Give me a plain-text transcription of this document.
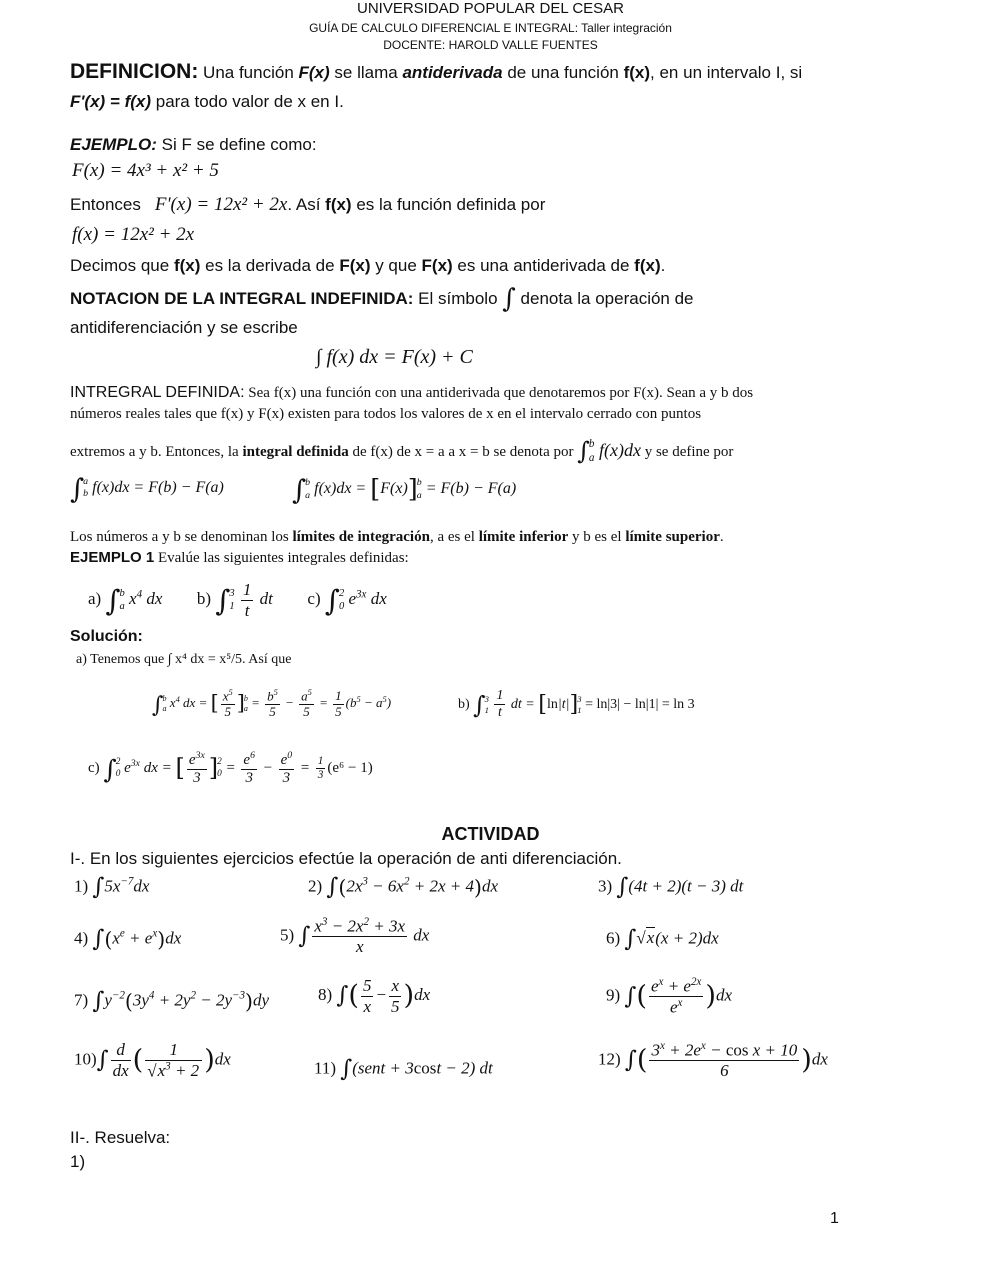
UNIVERSIDAD POPULAR DEL CESAR
GUÍA DE CALCULO DIFERENCIAL E INTEGRAL: Taller integración
DOCENTE: HAROLD VALLE FUENTES
DEFINICION: Una función F(x) se llama antiderivada de una función f(x), en un intervalo I, si
F'(x) = f(x) para todo valor de x en I.
EJEMPLO: Si F se define como:
F(x) = 4x³ + x² + 5
Entonces F'(x) = 12x² + 2x. Así f(x) es la función definida por
f(x) = 12x² + 2x
Decimos que f(x) es la derivada de F(x) y que F(x) es una antiderivada de f(x).
NOTACION DE LA INTEGRAL INDEFINIDA: El símbolo ∫ denota la operación de
antidiferenciación y se escribe
∫ f(x) dx = F(x) + C
INTREGRAL DEFINIDA: Sea f(x) una función con una antiderivada que denotaremos por F(x). Sean a y b dos
números reales tales que f(x) y F(x) existen para todos los valores de x en el intervalo cerrado con puntos
extremos a y b. Entonces, la integral definida de f(x) de x = a a x = b se denota por ∫ b
a f(x)dx y se define por
∫ a
b f(x)dx = F(b) − F(a)	∫ b
a f(x)dx = [F(x)] b
a = F(b) − F(a)
Los números a y b se denominan los límites de integración, a es el límite inferior y b es el límite superior.
EJEMPLO 1 Evalúe las siguientes integrales definidas:
a) ∫ b
a $x^4$ dx  b) ∫ 3
1
$\frac{1}{t}$ dt  c) ∫ 2
0 $e^{3x}$ dx
Solución:
a) Tenemos que ∫ x⁴ dx = x⁵/5. Así que
∫ b
a $x^4$ dx = [ $\frac{x^5}{5}$ ] b
$a = \frac{b^5}{5} - \frac{a^5}{5} = \frac{1}{5} (b^5 - a^5)$	b) ∫ 3
1
$\frac{1}{t}$ dt = [ln|t|] 3
1 = ln|3| − ln|1| = ln 3
c) ∫ 2
0 $e^{3x}$ dx = [ $\frac{e^{3x}}{3}$ ] 2
$0 = \frac{e^6}{3} - \frac{e^0}{3} = \frac{1}{3} (e^6 - 1)$
ACTIVIDAD
I-. En los siguientes ejercicios efectúe la operación de anti diferenciación.
1) $\int 5x^{-7}dx$	2) $\int(2x^3 - 6x^2 + 2x + 4)dx$	3) ∫(4t + 2)(t − 3) dt
4) $\int(x^e + e^x)dx$	5) ∫ $\frac{x^3 - 2x^2 + 3x}{x}$ dx	6) ∫√x(x + 2)dx
7) $\int y^{-2}(3y^4 + 2y^2 - 2y^{-3})dy$	8) ∫( $\frac{5}{x} - \frac{x}{5} )dx$	9) ∫( $\frac{e^x + e^{2x}}{e^x} )dx$
$10)\int \frac{d}{dx}$ ( $\frac{1}{√x^3 + 2} )dx$	11) ∫(sent + 3cost − 2) dt	12) ∫( $\frac{3^x + 2e^x - \cos x + 10}{6} )dx$
II-. Resuelva:
1)
1
